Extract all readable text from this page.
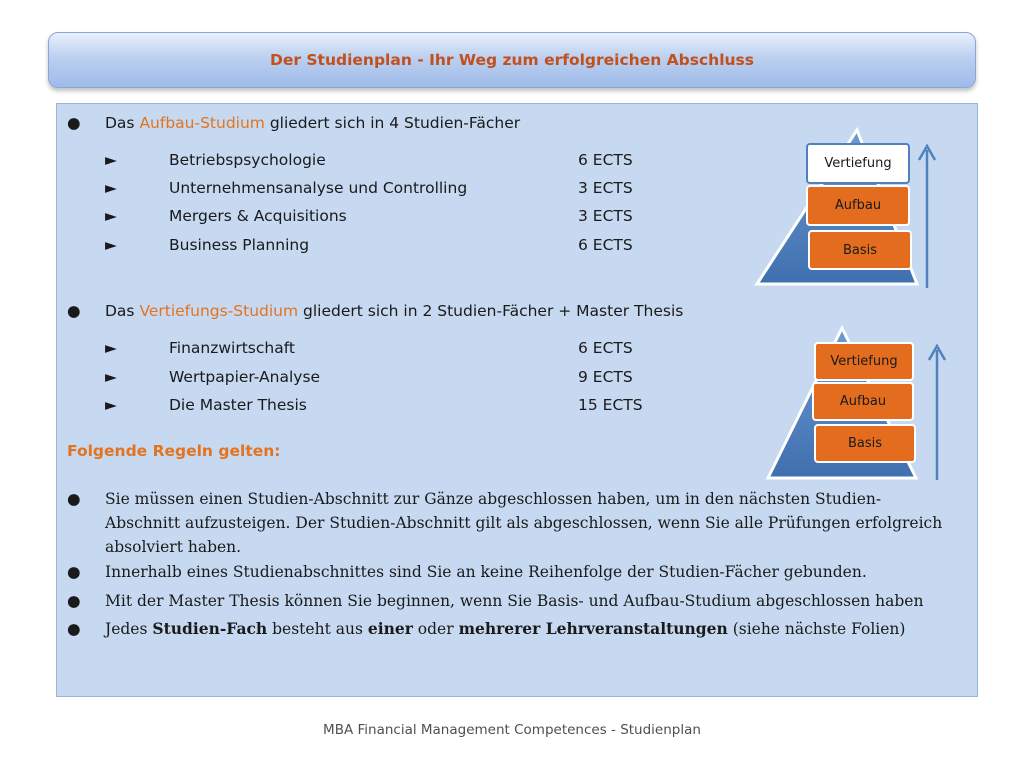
Der Studienplan - Ihr Weg zum erfolgreichen Abschluss
● Das Aufbau-Studium gliedert sich in 4 Studien-Fächer
►	Betriebspsychologie	6 ECTS
►	Unternehmensanalyse und Controlling	3 ECTS
►	Mergers & Acquisitions	3 ECTS
►	Business Planning	6 ECTS
● Das Vertiefungs-Studium gliedert sich in 2 Studien-Fächer + Master Thesis
►	Finanzwirtschaft	6 ECTS
►	Wertpapier-Analyse	9 ECTS
►	Die Master Thesis	15 ECTS
Folgende Regeln gelten:
● Sie müssen einen Studien-Abschnitt zur Gänze abgeschlossen haben, um in den nächsten Studien-Abschnitt aufzusteigen. Der Studien-Abschnitt gilt als abgeschlossen, wenn Sie alle Prüfungen erfolgreich absolviert haben.
● Innerhalb eines Studienabschnittes sind Sie an keine Reihenfolge der Studien-Fächer gebunden.
● Mit der Master Thesis können Sie beginnen, wenn Sie Basis- und Aufbau-Studium abgeschlossen haben
● Jedes Studien-Fach besteht aus einer oder mehrerer Lehrveranstaltungen (siehe nächste Folien)
Vertiefung
Aufbau
Basis
Vertiefung
Aufbau
Basis
MBA Financial Management Competences - Studienplan
